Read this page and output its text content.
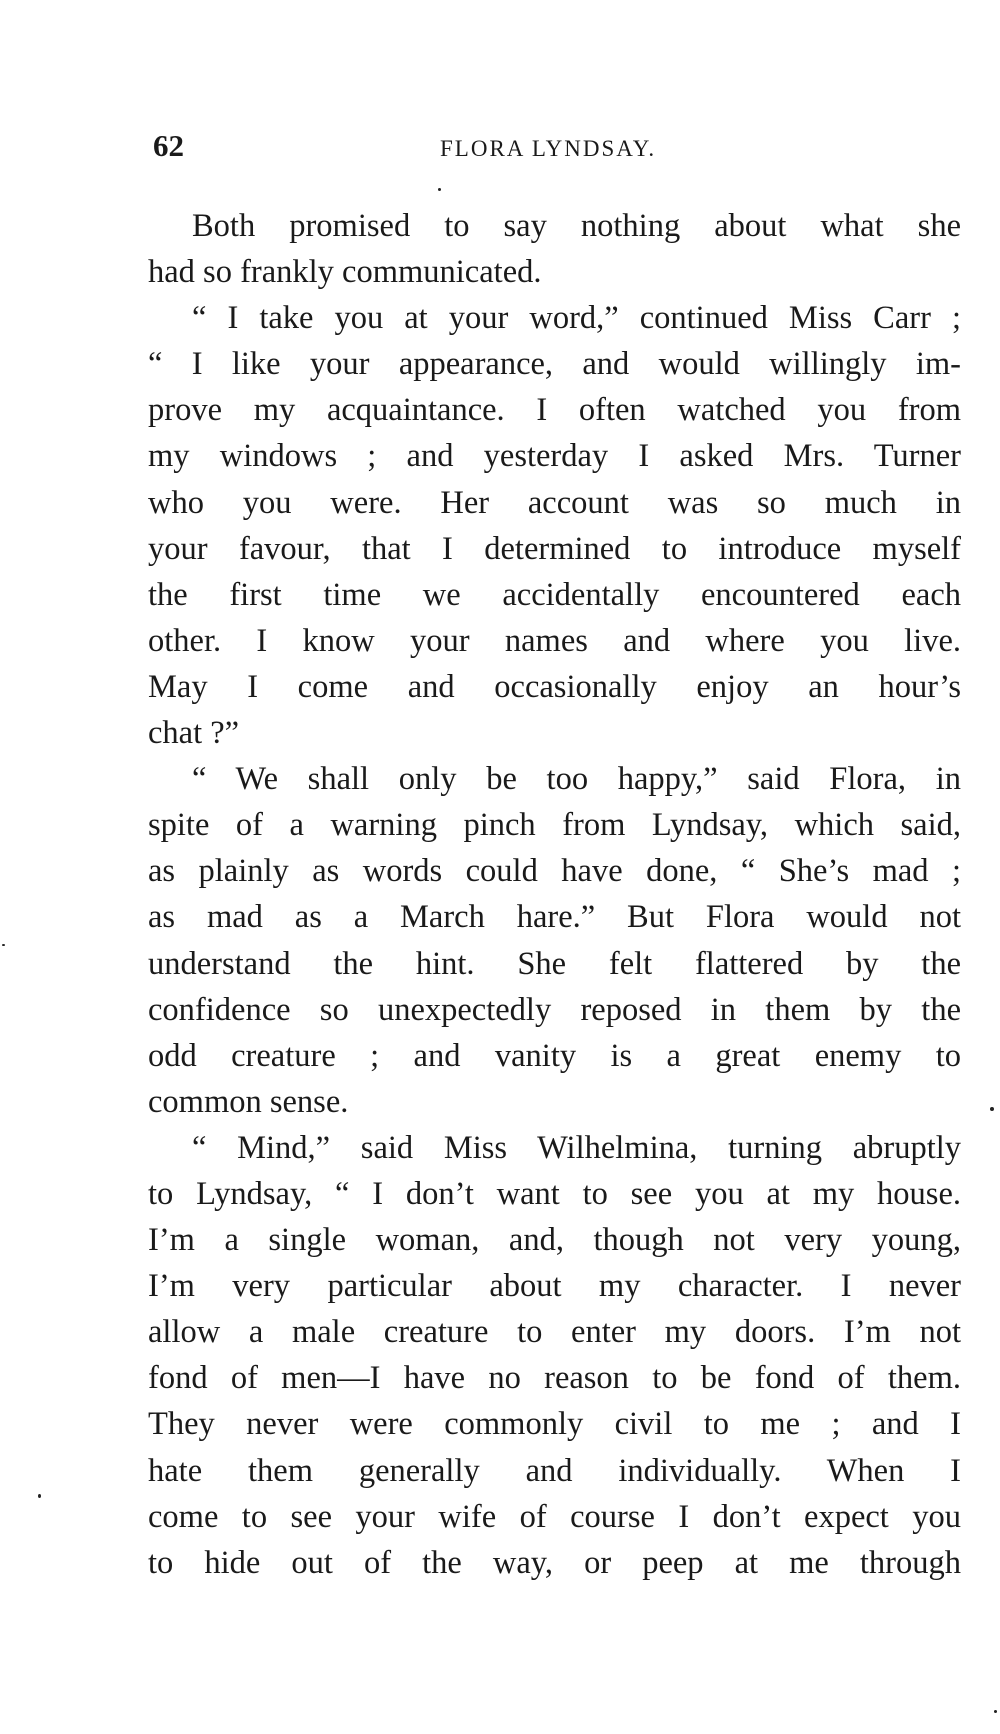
62	FLORA LYNDSAY.
Both promised to say nothing about what she
had so frankly communicated.
“ I take you at your word,” continued Miss Carr ;
“ I like your appearance, and would willingly im-
prove my acquaintance. I often watched you from
my windows ; and yesterday I asked Mrs. Turner
who you were. Her account was so much in
your favour, that I determined to introduce myself
the first time we accidentally encountered each
other. I know your names and where you live.
May I come and occasionally enjoy an hour’s
chat ?”
“ We shall only be too happy,” said Flora, in
spite of a warning pinch from Lyndsay, which said,
as plainly as words could have done, “ She’s mad ;
as mad as a March hare.” But Flora would not
understand the hint. She felt flattered by the
confidence so unexpectedly reposed in them by the
odd creature ; and vanity is a great enemy to
common sense.
“ Mind,” said Miss Wilhelmina, turning abruptly
to Lyndsay, “ I don’t want to see you at my house.
I’m a single woman, and, though not very young,
I’m very particular about my character. I never
allow a male creature to enter my doors. I’m not
fond of men—I have no reason to be fond of them.
They never were commonly civil to me ; and I
hate them generally and individually. When I
come to see your wife of course I don’t expect you
to hide out of the way, or peep at me through
